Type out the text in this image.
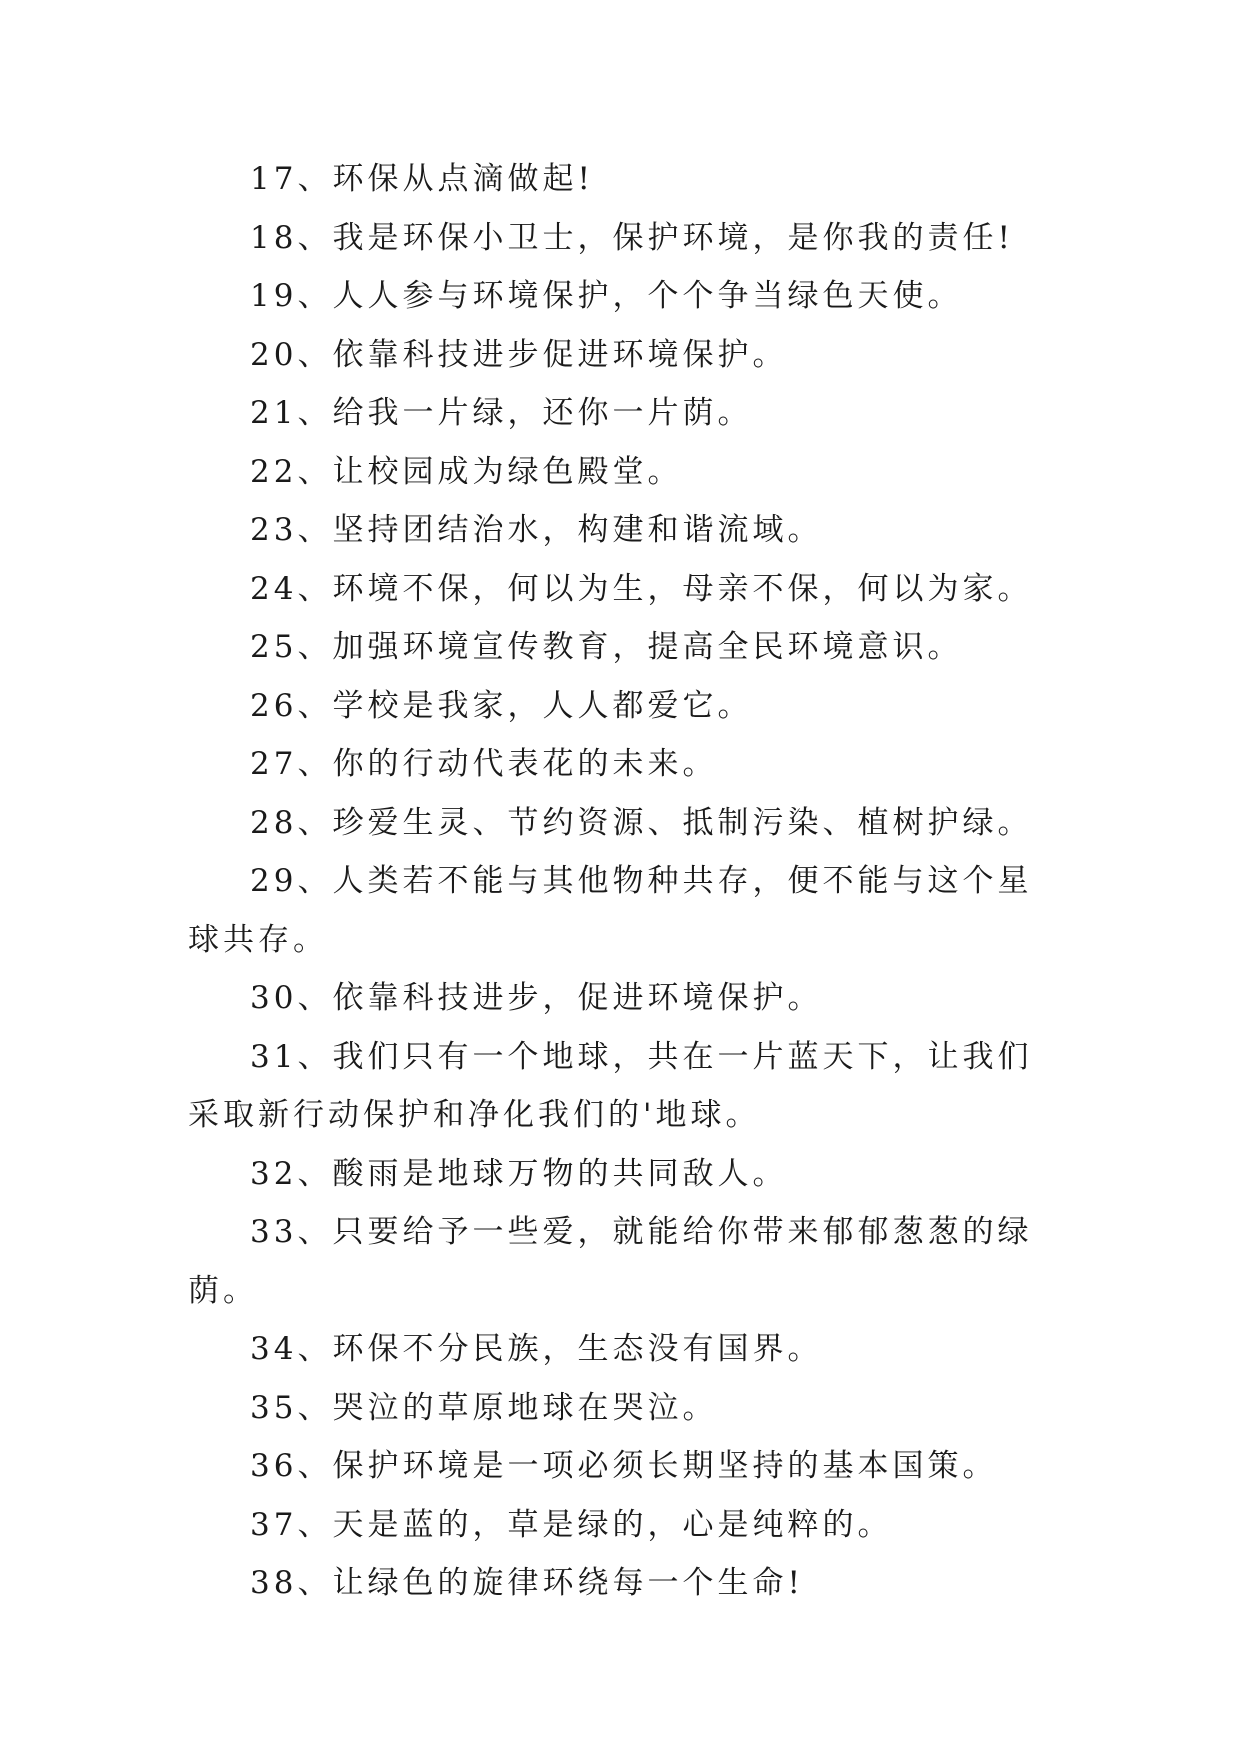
17、环保从点滴做起!

18、我是环保小卫士，保护环境，是你我的责任!

19、人人参与环境保护，个个争当绿色天使。

20、依靠科技进步促进环境保护。

21、给我一片绿，还你一片荫。

22、让校园成为绿色殿堂。

23、坚持团结治水，构建和谐流域。

24、环境不保，何以为生，母亲不保，何以为家。

25、加强环境宣传教育，提高全民环境意识。

26、学校是我家，人人都爱它。

27、你的行动代表花的未来。

28、珍爱生灵、节约资源、抵制污染、植树护绿。

29、人类若不能与其他物种共存，便不能与这个星球共存。

30、依靠科技进步，促进环境保护。

31、我们只有一个地球，共在一片蓝天下，让我们采取新行动保护和净化我们的'地球。

32、酸雨是地球万物的共同敌人。

33、只要给予一些爱，就能给你带来郁郁葱葱的绿荫。

34、环保不分民族，生态没有国界。

35、哭泣的草原地球在哭泣。

36、保护环境是一项必须长期坚持的基本国策。

37、天是蓝的，草是绿的，心是纯粹的。

38、让绿色的旋律环绕每一个生命!
